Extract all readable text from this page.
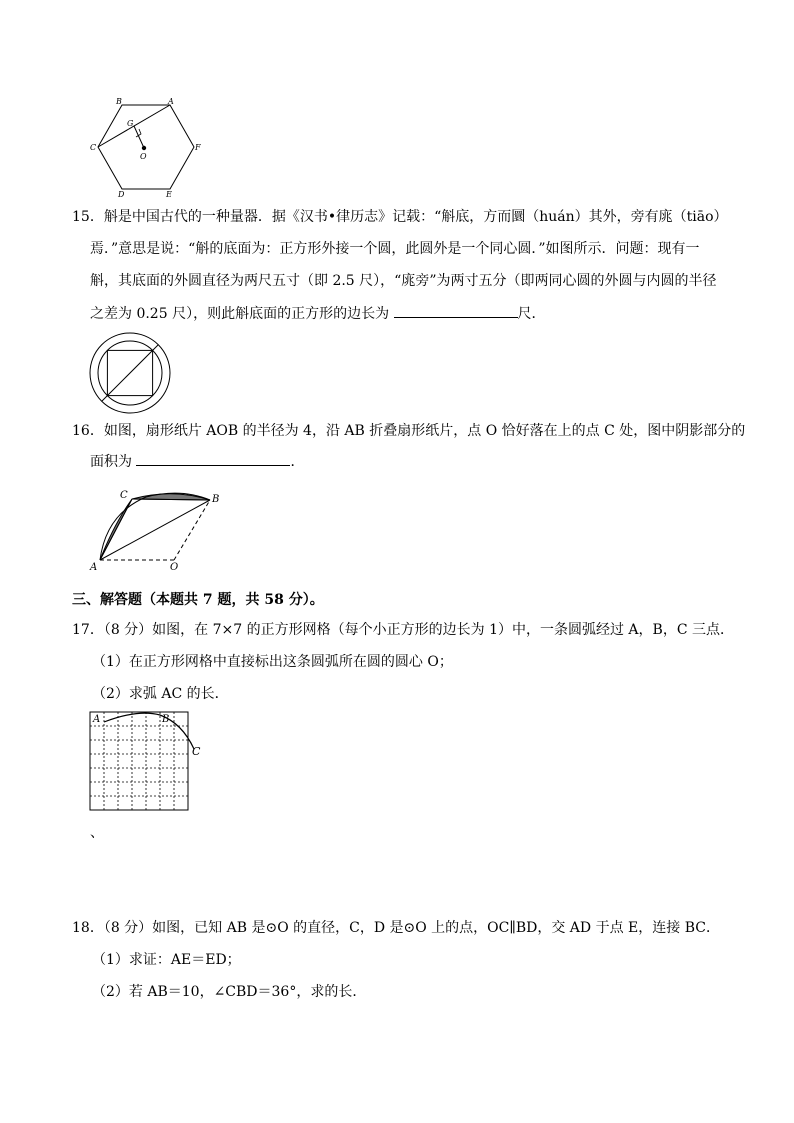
B	A
G
C	F
O
D	E
15．斛是中国古代的一种量器．据《汉书•律历志》记载：“斛底，方而圜（huán）其外，旁有庣（tiāo）
焉．”意思是说：“斛的底面为：正方形外接一个圆，此圆外是一个同心圆．”如图所示．问题：现有一
斛，其底面的外圆直径为两尺五寸（即 2.5 尺），“庣旁”为两寸五分（即两同心圆的外圆与内圆的半径
之差为 0.25 尺），则此斛底面的正方形的边长为	尺．
16．如图，扇形纸片 AOB 的半径为 4，沿 AB 折叠扇形纸片，点 O 恰好落在上的点 C 处，图中阴影部分的
面积为	．
C	B
A	O
三、解答题（本题共 7 题，共 58 分）。
17．（8 分）如图，在 7×7 的正方形网格（每个小正方形的边长为 1）中，一条圆弧经过 A，B，C 三点．
（1）在正方形网格中直接标出这条圆弧所在圆的圆心 O；
（2）求弧 AC 的长．
A	B
C
、
18．（8 分）如图，已知 AB 是⊙O 的直径，C，D 是⊙O 上的点，OC∥BD，交 AD 于点 E，连接 BC．
（1）求证：AE＝ED；
（2）若 AB＝10，∠CBD＝36°，求的长．
